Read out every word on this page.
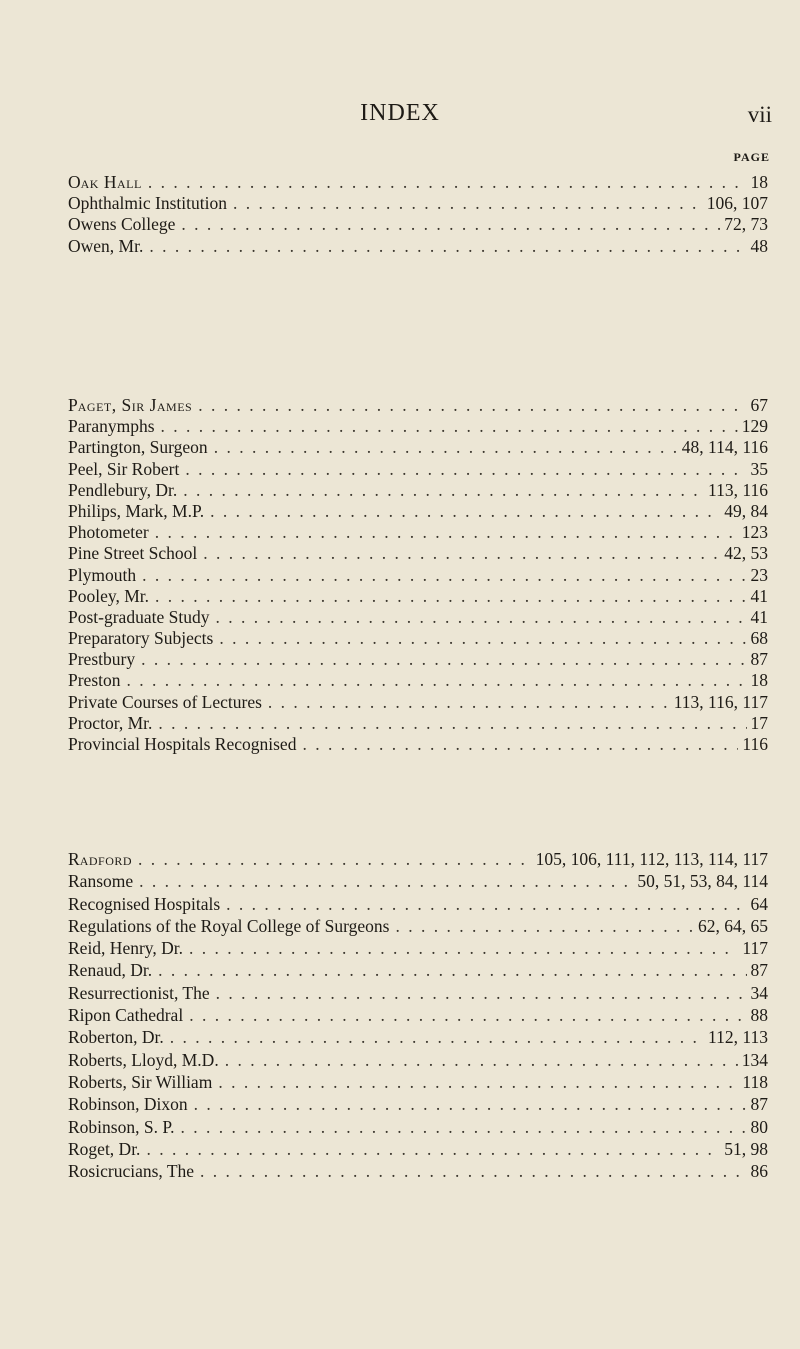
INDEX	vii
PAGE
Oak Hall . . .	18
Ophthalmic Institution . . .	106, 107
Owens College . . .	72, 73
Owen, Mr. . . .	48
Paget, Sir James . . .	67
Paranymphs . . .	129
Partington, Surgeon . . .	48, 114, 116
Peel, Sir Robert . . .	35
Pendlebury, Dr. . . .	113, 116
Philips, Mark, M.P. . . .	49, 84
Photometer . . .	123
Pine Street School . . .	42, 53
Plymouth . . .	23
Pooley, Mr. . . .	41
Post-graduate Study . . .	41
Preparatory Subjects . . .	68
Prestbury . . .	87
Preston . . .	18
Private Courses of Lectures . . .	113, 116, 117
Proctor, Mr. . . .	17
Provincial Hospitals Recognised . . .	116
Radford . . .	105, 106, 111, 112, 113, 114, 117
Ransome . . .	50, 51, 53, 84, 114
Recognised Hospitals . . .	64
Regulations of the Royal College of Surgeons . . .	62, 64, 65
Reid, Henry, Dr. . . .	117
Renaud, Dr. . . .	87
Resurrectionist, The . . .	34
Ripon Cathedral . . .	88
Roberton, Dr. . . .	112, 113
Roberts, Lloyd, M.D. . . .	134
Roberts, Sir William . . .	118
Robinson, Dixon . . .	87
Robinson, S. P. . . .	80
Roget, Dr. . . .	51, 98
Rosicrucians, The . . .	86
